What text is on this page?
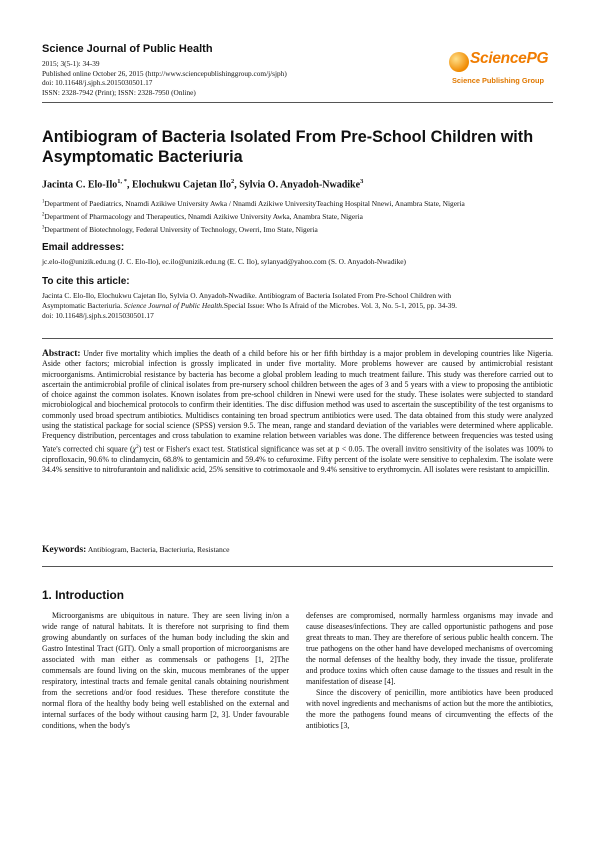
Science Journal of Public Health
2015; 3(5-1): 34-39
Published online October 26, 2015 (http://www.sciencepublishinggroup.com/j/sjph)
doi: 10.11648/j.sjph.s.2015030501.17
ISSN: 2328-7942 (Print); ISSN: 2328-7950 (Online)
SciencePG
Science Publishing Group
Antibiogram of Bacteria Isolated From Pre-School Children with Asymptomatic Bacteriuria
Jacinta C. Elo-Ilo$^{1, *}$, Elochukwu Cajetan Ilo$^2$, Sylvia O. Anyadoh-Nwadike$^3$
$^1$Department of Paediatrics, Nnamdi Azikiwe University Awka / Nnamdi Azikiwe UniversityTeaching Hospital Nnewi, Anambra State, Nigeria
$^2$Department of Pharmacology and Therapeutics, Nnamdi Azikiwe University Awka, Anambra State, Nigeria
$^3$Department of Biotechnology, Federal University of Technology, Owerri, Imo State, Nigeria
Email addresses:
jc.elo-ilo@unizik.edu.ng (J. C. Elo-Ilo), ec.ilo@unizik.edu.ng (E. C. Ilo), sylanyad@yahoo.com (S. O. Anyadoh-Nwadike)
To cite this article:
Jacinta C. Elo-Ilo, Elochukwu Cajetan Ilo, Sylvia O. Anyadoh-Nwadike. Antibiogram of Bacteria Isolated From Pre-School Children with
Asymptomatic Bacteriuria. Science Journal of Public Health.Special Issue: Who Is Afraid of the Microbes. Vol. 3, No. 5-1, 2015, pp. 34-39.
doi: 10.11648/j.sjph.s.2015030501.17
Abstract: Under five mortality which implies the death of a child before his or her fifth birthday is a major problem in developing countries like Nigeria. Aside other factors; microbial infection is grossly implicated in under five mortality. More problems however are caused by antimicrobial resistant microorganisms. Antimicrobial resistance by bacteria has become a global problem leading to much treatment failure. This study was therefore carried out to ascertain the antimicrobial profile of clinical isolates from pre-nursery school children between the ages of 3 and 5 years with a view to proposing the antibiotic of choice against the common isolates. Known isolates from pre-school children in Nnewi were used for the study. These isolates were subjected to standard microbiological and biochemical protocols to confirm their identities. The disc diffusion method was used to ascertain the susceptibility of the test organisms to commonly used broad spectrum antibiotics. Multidiscs containing ten broad spectrum antibiotics were used. The data obtained from this study were analyzed using the statistical package for social science (SPSS) version 9.5. The mean, range and standard deviation of the variables were determined where applicable. Frequency distribution, percentages and cross tabulation to examine relation between variables was done. The difference between frequencies was tested using Yate's corrected chi square $(\chi^2)$ test or Fisher's exact test. Statistical significance was set at p < 0.05. The overall invitro sensitivity of the isolates was 100% to ciprofloxacin, 90.6% to clindamycin, 68.8% to gentamicin and 59.4% to cefuroxime. Fifty percent of the isolate were sensitive to cephalexim. The isolate were 34.4% sensitive to nitrofurantoin and nalidixic acid, 25% sensitive to cotrimoxaole and 9.4% sensitive to erythromycin. All isolates were resistant to ampicillin.
Keywords: Antibiogram, Bacteria, Bacteriuria, Resistance
1. Introduction

Microorganisms are ubiquitous in nature. They are seen living in/on a wide range of natural habitats. It is therefore not surprising to find them growing abundantly on surfaces of the human body including the skin and Gastro Intestinal Tract (GIT). Only a small proportion of microorganisms are associated with man either as commensals or pathogens [1, 2]The commensals are found living on the skin, mucous membranes of the upper respiratory, intestinal tracts and female genital canals obtaining nourishment from the secretions and/or food residues. These therefore constitute the normal flora of the healthy body being well established on the external and internal surfaces of the body without causing harm [2, 3]. Under favourable conditions, when the body's

defenses are compromised, normally harmless organisms may invade and cause diseases/infections. They are called opportunistic pathogens and pose great threats to man. They are therefore of serious public health concern. The true pathogens on the other hand have developed mechanisms of overcoming the normal defenses of the healthy body, they invade the tissue, proliferate and produce toxins which often cause damage to the tissues and result in the manifestation of disease [4].

Since the discovery of penicillin, more antibiotics have been produced with novel ingredients and mechanisms of action but the more the antibiotics, the more the pathogens found means of circumventing the effects of the antibiotics [3,
